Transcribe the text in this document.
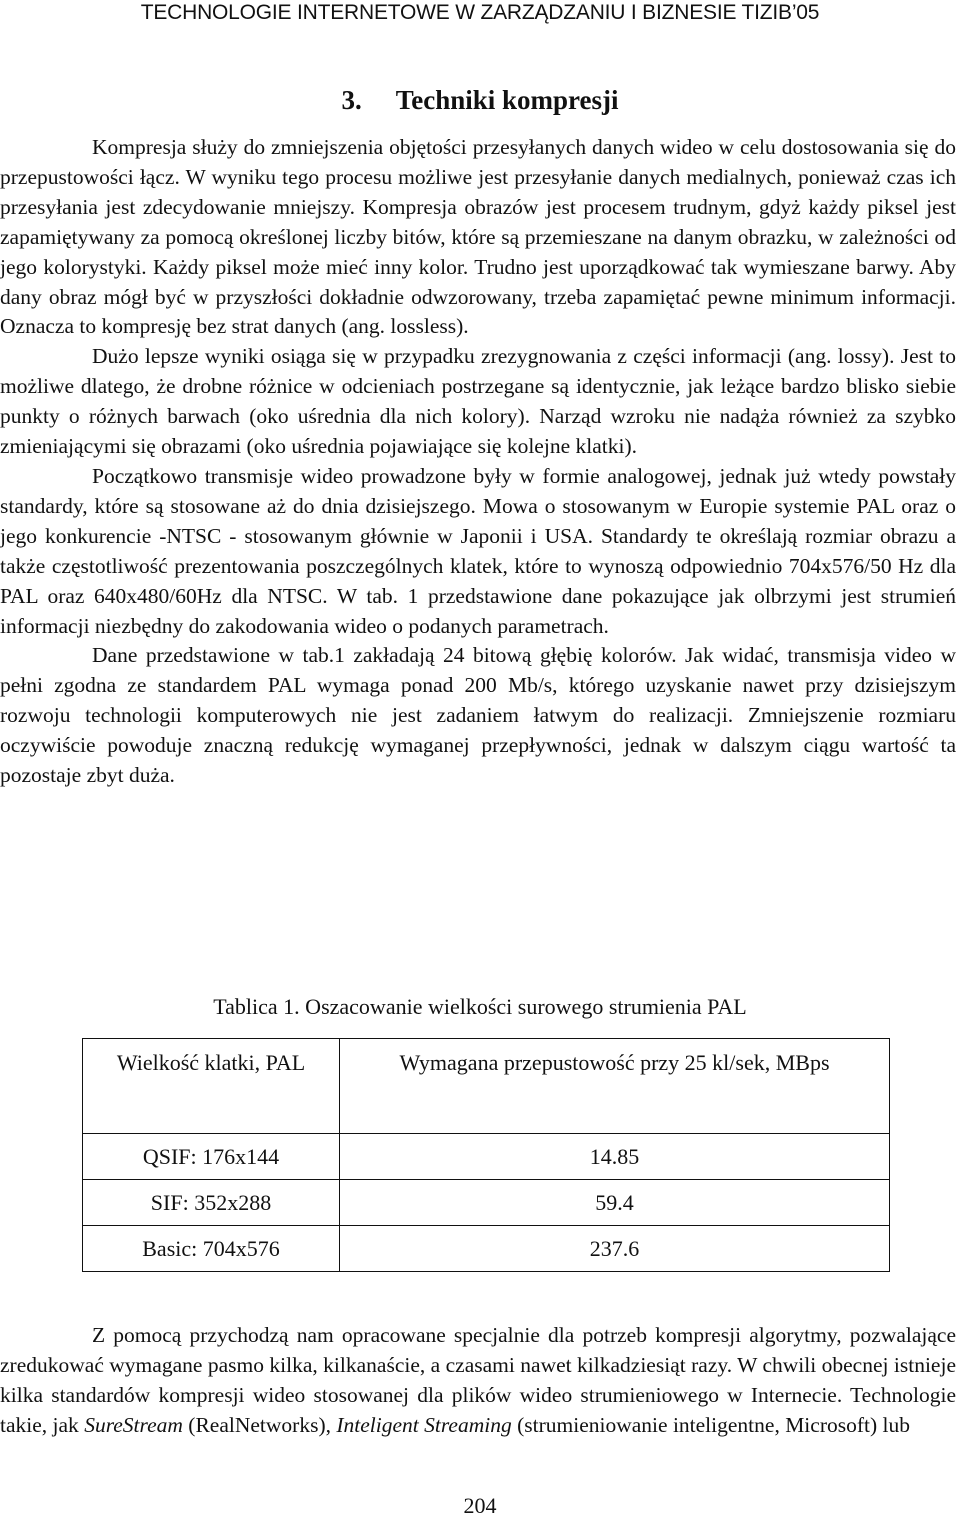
TECHNOLOGIE INTERNETOWE W ZARZĄDZANIU I BIZNESIE TIZIB’05
3. Techniki kompresji

Kompresja służy do zmniejszenia objętości przesyłanych danych wideo w celu dostosowania się do przepustowości łącz. W wyniku tego procesu możliwe jest przesyłanie danych medialnych, ponieważ czas ich przesyłania jest zdecydowanie mniejszy. Kompresja obrazów jest procesem trudnym, gdyż każdy piksel jest zapamiętywany za pomocą określonej liczby bitów, które są przemieszane na danym obrazku, w zależności od jego kolorystyki. Każdy piksel może mieć inny kolor. Trudno jest uporządkować tak wymieszane barwy. Aby dany obraz mógł być w przyszłości dokładnie odwzorowany, trzeba zapamiętać pewne minimum informacji. Oznacza to kompresję bez strat danych (ang. lossless).

Dużo lepsze wyniki osiąga się w przypadku zrezygnowania z części informacji (ang. lossy). Jest to możliwe dlatego, że drobne różnice w odcieniach postrzegane są identycznie, jak leżące bardzo blisko siebie punkty o różnych barwach (oko uśrednia dla nich kolory). Narząd wzroku nie nadąża również za szybko zmieniającymi się obrazami (oko uśrednia pojawiające się kolejne klatki).

Początkowo transmisje wideo prowadzone były w formie analogowej, jednak już wtedy powstały standardy, które są stosowane aż do dnia dzisiejszego. Mowa o stosowanym w Europie systemie PAL oraz o jego konkurencie -NTSC - stosowanym głównie w Japonii i USA. Standardy te określają rozmiar obrazu a także częstotliwość prezentowania poszczególnych klatek, które to wynoszą odpowiednio 704x576/50 Hz dla PAL oraz 640x480/60Hz dla NTSC. W tab. 1 przedstawione dane pokazujące jak olbrzymi jest strumień informacji niezbędny do zakodowania wideo o podanych parametrach.

Dane przedstawione w tab.1 zakładają 24 bitową głębię kolorów. Jak widać, transmisja video w pełni zgodna ze standardem PAL wymaga ponad 200 Mb/s, którego uzyskanie nawet przy dzisiejszym rozwoju technologii komputerowych nie jest zadaniem łatwym do realizacji. Zmniejszenie rozmiaru oczywiście powoduje znaczną redukcję wymaganej przepływności, jednak w dalszym ciągu wartość ta pozostaje zbyt duża.

Tablica 1. Oszacowanie wielkości surowego strumienia PAL
Wielkość klatki, PAL	Wymagana przepustowość przy 25 kl/sek, MBps
QSIF: 176x144	14.85
SIF: 352x288	59.4
Basic: 704x576	237.6

Z pomocą przychodzą nam opracowane specjalnie dla potrzeb kompresji algorytmy, pozwalające zredukować wymagane pasmo kilka, kilkanaście, a czasami nawet kilkadziesiąt razy. W chwili obecnej istnieje kilka standardów kompresji wideo stosowanej dla plików wideo strumieniowego w Internecie. Technologie takie, jak SureStream (RealNetworks), Inteligent Streaming (strumieniowanie inteligentne, Microsoft) lub

204
